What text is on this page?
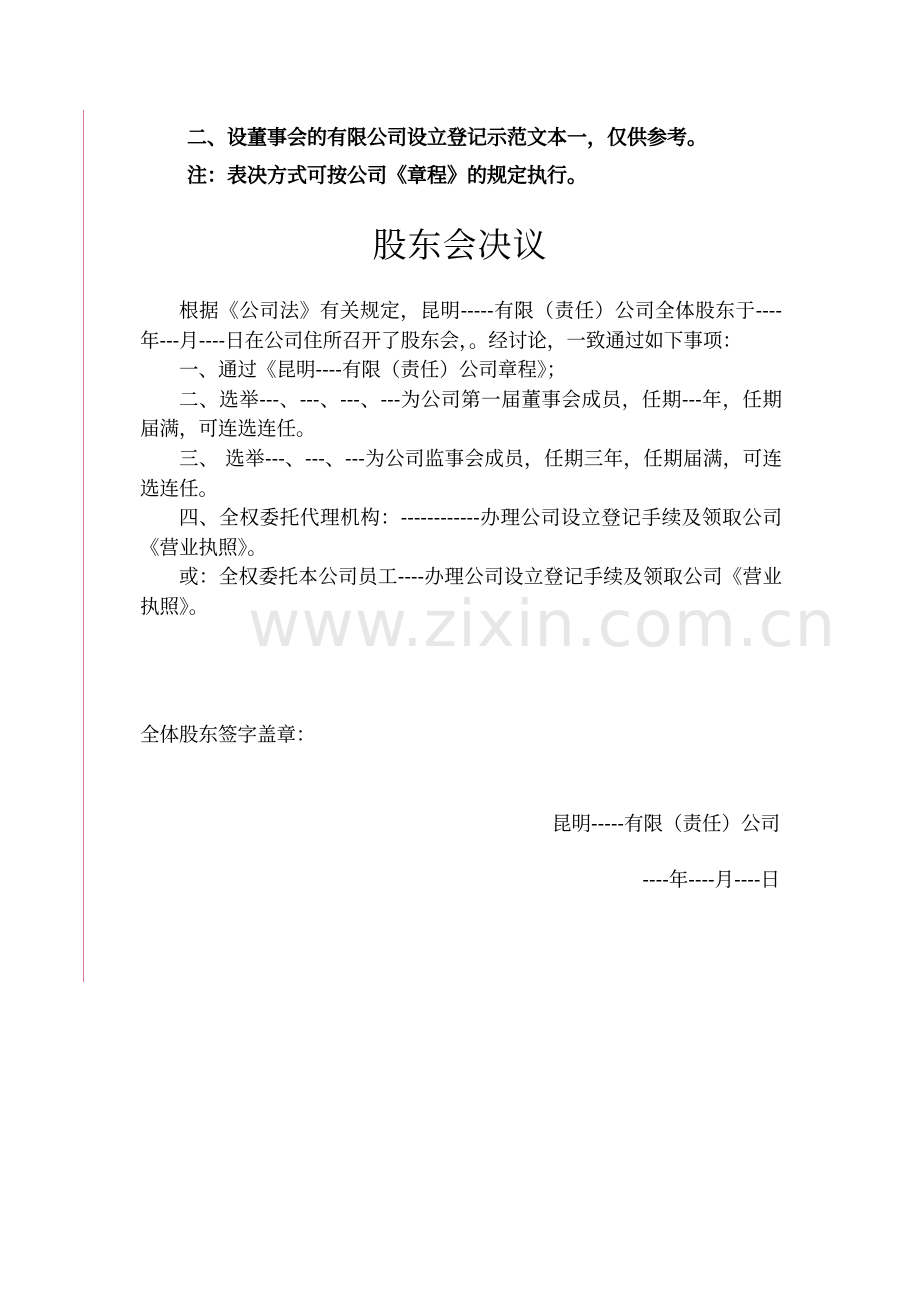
二、设董事会的有限公司设立登记示范文本一，仅供参考。
注：表决方式可按公司《章程》的规定执行。
股东会决议

根据《公司法》有关规定，昆明-----有限（责任）公司全体股东于----年---月----日在公司住所召开了股东会，。经讨论，一致通过如下事项：

一、通过《昆明----有限（责任）公司章程》；

二、选举---、---、---、---为公司第一届董事会成员，任期---年，任期届满，可连选连任。

三、 选举---、---、---为公司监事会成员，任期三年，任期届满，可连选连任。

四、全权委托代理机构：------------办理公司设立登记手续及领取公司《营业执照》。

或：全权委托本公司员工----办理公司设立登记手续及领取公司《营业执照》。 www.zixin.com.cn
全体股东签字盖章：
昆明-----有限（责任）公司
----年----月----日
